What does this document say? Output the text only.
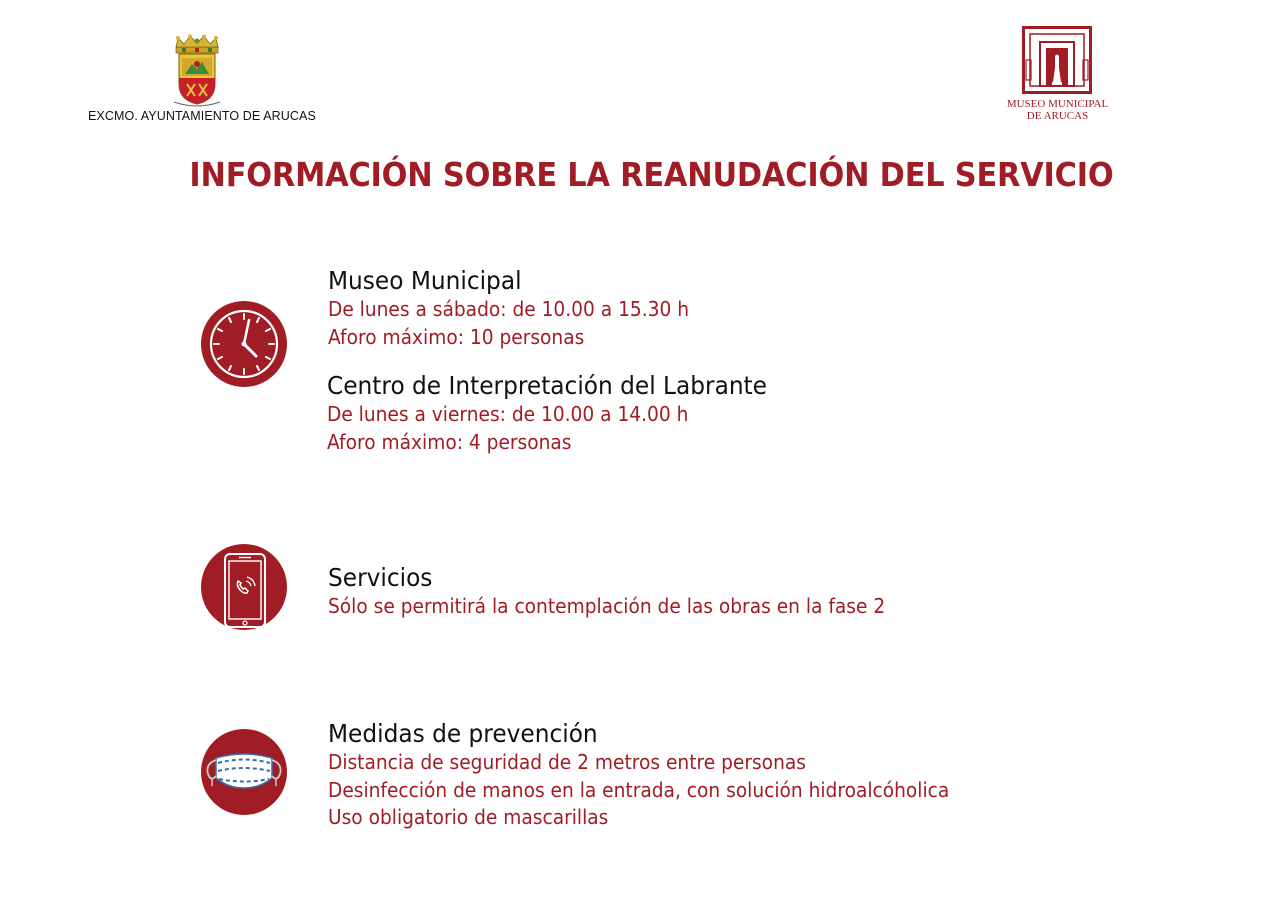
EXCMO. AYUNTAMIENTO DE ARUCAS
MUSEO MUNICIPAL
DE ARUCAS
INFORMACIÓN SOBRE LA REANUDACIÓN DEL SERVICIO
Museo Municipal
De lunes a sábado: de 10.00 a 15.30 h
Aforo máximo: 10 personas
Centro de Interpretación del Labrante
De lunes a viernes: de 10.00 a 14.00 h
Aforo máximo: 4 personas
Servicios
Sólo se permitirá la contemplación de las obras en la fase 2
Medidas de prevención
Distancia de seguridad de 2 metros entre personas
Desinfección de manos en la entrada, con solución hidroalcóholica
Uso obligatorio de mascarillas
